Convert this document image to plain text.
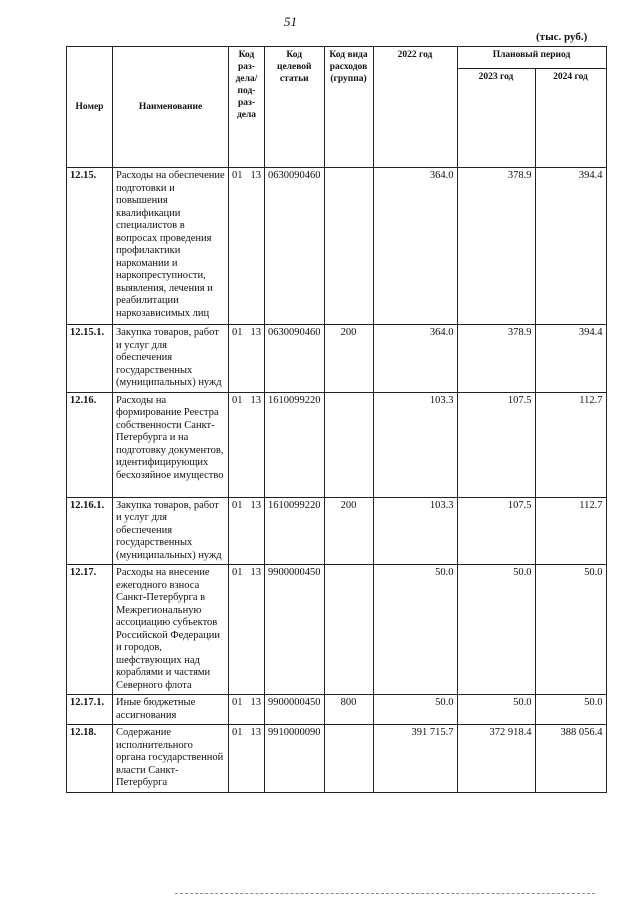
51
(тыс. руб.)
Номер	Наименование	Код раз-дела/ под-раз-дела	Код целевой статьи	Код вида расходов (группа)	2022 год	Плановый период	
						2023 год	2024 год
12.15.	Расходы на обеспечение подготовки и повышения квалификации специалистов в вопросах проведения профилактики наркомании и наркопреступности, выявления, лечения и реабилитации наркозависимых лиц	01 13	0630090460		364.0	378.9	394.4
12.15.1.	Закупка товаров, работ и услуг для обеспечения государственных (муниципальных) нужд	01 13	0630090460	200	364.0	378.9	394.4
12.16.	Расходы на формирование Реестра собственности Санкт-Петербурга и на подготовку документов, идентифицирующих бесхозяйное имущество	01 13	1610099220		103.3	107.5	112.7
12.16.1.	Закупка товаров, работ и услуг для обеспечения государственных (муниципальных) нужд	01 13	1610099220	200	103.3	107.5	112.7
12.17.	Расходы на внесение ежегодного взноса Санкт-Петербурга в Межрегиональную ассоциацию субъектов Российской Федерации и городов, шефствующих над кораблями и частями Северного флота	01 13	9900000450		50.0	50.0	50.0
12.17.1.	Иные бюджетные ассигнования	01 13	9900000450	800	50.0	50.0	50.0
12.18.	Содержание исполнительного органа государственной власти Санкт-Петербурга	01 13	9910000090		391 715.7	372 918.4	388 056.4
